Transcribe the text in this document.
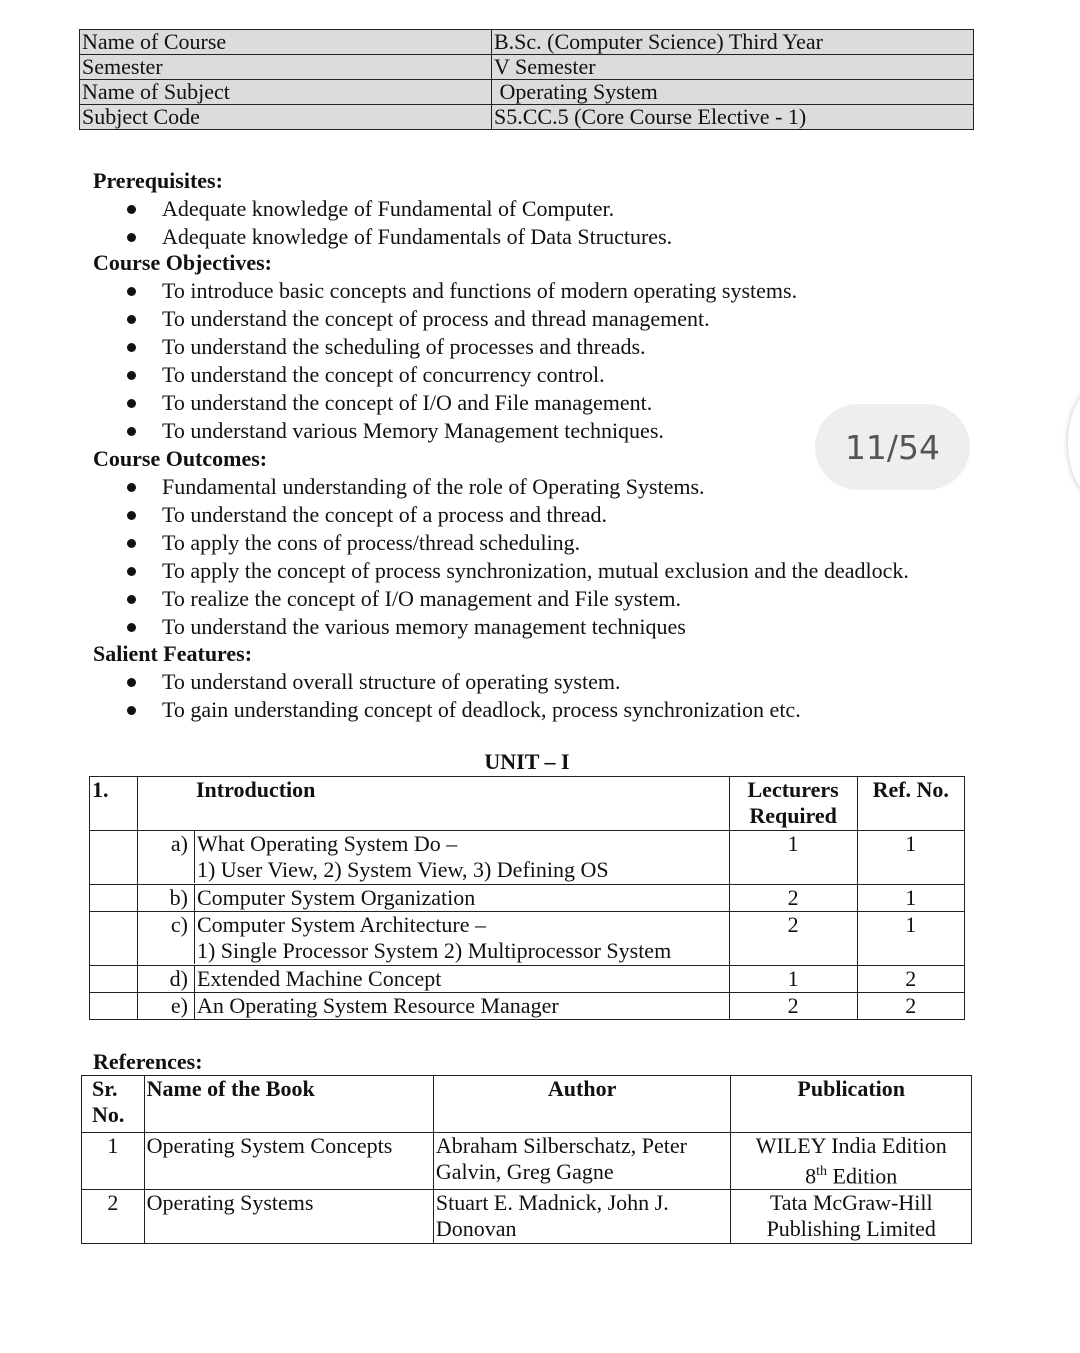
Name of Course	B.Sc. (Computer Science) Third Year
Semester	V Semester
Name of Subject	Operating System
Subject Code	S5.CC.5 (Core Course Elective - 1)
Prerequisites:
Adequate knowledge of Fundamental of Computer.
Adequate knowledge of Fundamentals of Data Structures.
Course Objectives:
To introduce basic concepts and functions of modern operating systems.
To understand the concept of process and thread management.
To understand the scheduling of processes and threads.
To understand the concept of concurrency control.
To understand the concept of I/O and File management.
To understand various Memory Management techniques.
Course Outcomes:
Fundamental understanding of the role of Operating Systems.
To understand the concept of a process and thread.
To apply the cons of process/thread scheduling.
To apply the concept of process synchronization, mutual exclusion and the deadlock.
To realize the concept of I/O management and File system.
To understand the various memory management techniques
Salient Features:
To understand overall structure of operating system.
To gain understanding concept of deadlock, process synchronization etc.
UNIT – I
1.	Introduction	Lecturers Required	Ref. No.

	a) What Operating System Do –
1) User View, 2) System View, 3) Defining OS	1	1

	b) Computer System Organization	2	1

	c) Computer System Architecture –
1) Single Processor System 2) Multiprocessor System	2	1

	d) Extended Machine Concept	1	2

	e) An Operating System Resource Manager	2	2
References:
Sr. No.	Name of the Book	Author	Publication
1	Operating System Concepts	Abraham Silberschatz, Peter Galvin, Greg Gagne	WILEY India Edition
8th Edition

2	Operating Systems	Stuart E. Madnick, John J. Donovan	Tata McGraw-Hill Publishing Limited
11/54
